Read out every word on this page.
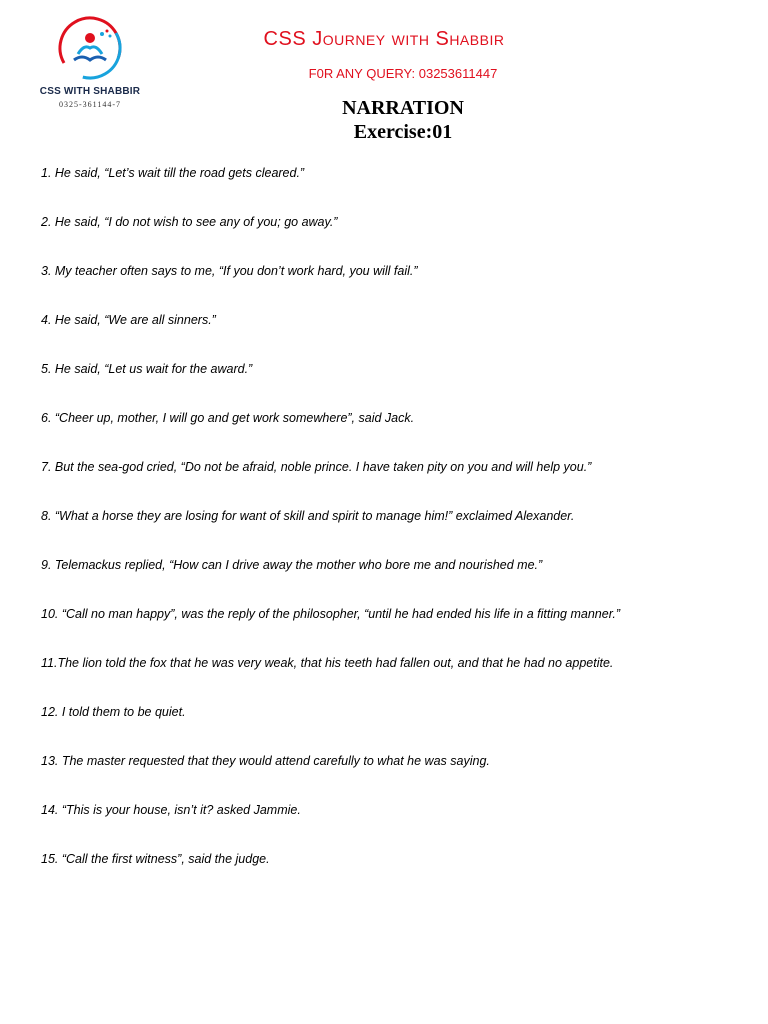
CSS WITH SHABBIR
0325-361144-7
CSS Journey with Shabbir
F0R ANY QUERY: 03253611447
NARRATION
Exercise:01
1. He said, “Let’s wait till the road gets cleared.”
2. He said, “I do not wish to see any of you; go away.”
3. My teacher often says to me, “If you don’t work hard, you will fail.”
4. He said, “We are all sinners.”
5. He said, “Let us wait for the award.”
6. “Cheer up, mother, I will go and get work somewhere”, said Jack.
7. But the sea-god cried, “Do not be afraid, noble prince. I have taken pity on you and will help you.”
8. “What a horse they are losing for want of skill and spirit to manage him!” exclaimed Alexander.
9. Telemackus replied, “How can I drive away the mother who bore me and nourished me.”
10. “Call no man happy”, was the reply of the philosopher, “until he had ended his life in a fitting manner.”
11.The lion told the fox that he was very weak, that his teeth had fallen out, and that he had no appetite.
12. I told them to be quiet.
13. The master requested that they would attend carefully to what he was saying.
14. “This is your house, isn’t it? asked Jammie.
15. “Call the first witness”, said the judge.
